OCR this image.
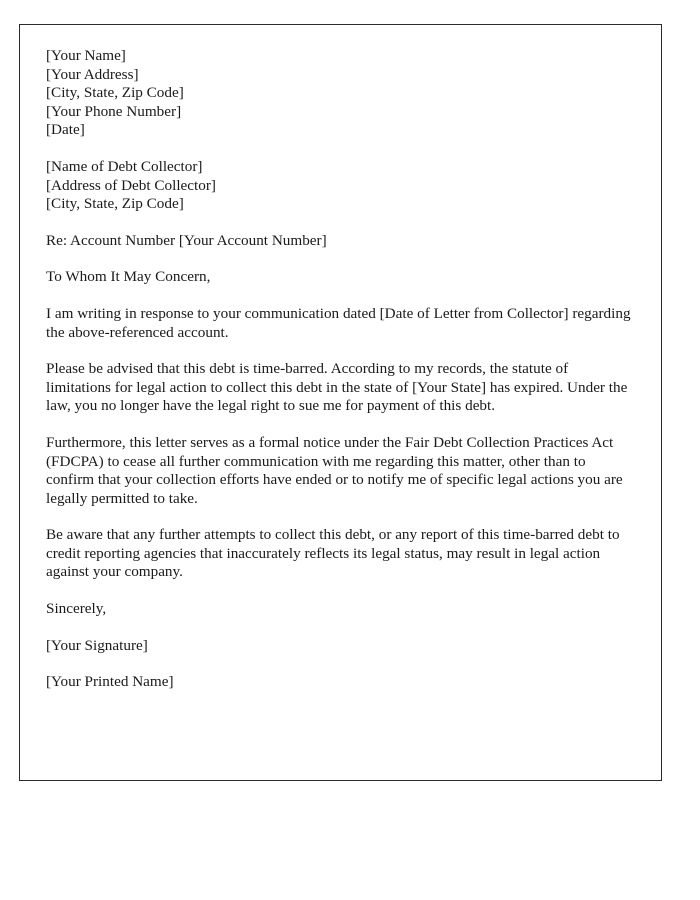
[Your Name]
[Your Address]
[City, State, Zip Code]
[Your Phone Number]
[Date]
[Name of Debt Collector]
[Address of Debt Collector]
[City, State, Zip Code]

Re: Account Number [Your Account Number]

To Whom It May Concern,

I am writing in response to your communication dated [Date of Letter from Collector] regarding the above-referenced account.

Please be advised that this debt is time-barred. According to my records, the statute of limitations for legal action to collect this debt in the state of [Your State] has expired. Under the law, you no longer have the legal right to sue me for payment of this debt.

Furthermore, this letter serves as a formal notice under the Fair Debt Collection Practices Act (FDCPA) to cease all further communication with me regarding this matter, other than to confirm that your collection efforts have ended or to notify me of specific legal actions you are legally permitted to take.

Be aware that any further attempts to collect this debt, or any report of this time-barred debt to credit reporting agencies that inaccurately reflects its legal status, may result in legal action against your company.

Sincerely,

[Your Signature]

[Your Printed Name]
